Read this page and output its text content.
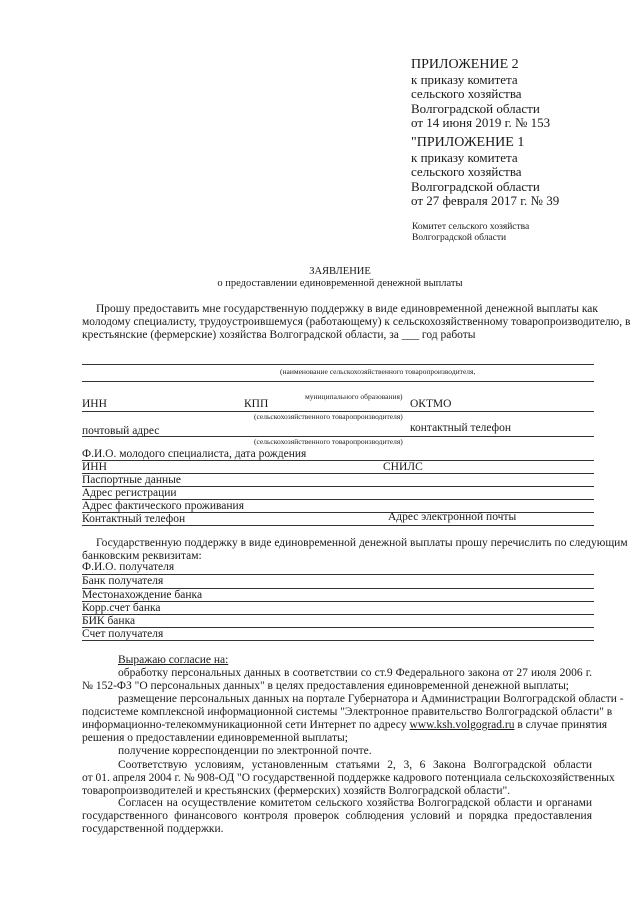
ПРИЛОЖЕНИЕ 2
к приказу комитета
сельского хозяйства
Волгоградской области
от 14 июня 2019 г. № 153
"ПРИЛОЖЕНИЕ 1
к приказу комитета
сельского хозяйства
Волгоградской области
от 27 февраля 2017 г. № 39
Комитет сельского хозяйства
Волгоградской области
ЗАЯВЛЕНИЕ
о предоставлении единовременной денежной выплаты
Прошу предоставить мне государственную поддержку в виде единовременной денежной выплаты как
молодому специалисту, трудоустроившемуся (работающему) к сельскохозяйственному товаропроизводителю, в
крестьянские (фермерские) хозяйства Волгоградской области, за ___ год работы
(наименование сельскохозяйственного товаропроизводителя,
муниципального образования)
ИНН	КПП	ОКТМО
(сельскохозяйственного товаропроизводителя)
почтовый адрес	контактный телефон
(сельскохозяйственного товаропроизводителя)
Ф.И.О. молодого специалиста, дата рождения
ИНН	СНИЛС
Паспортные данные
Адрес регистрации
Адрес фактического проживания
Контактный телефон	Адрес электронной почты
Государственную поддержку в виде единовременной денежной выплаты прошу перечислить по следующим
банковским реквизитам:
Ф.И.О. получателя
Банк получателя
Местонахождение банка
Корр.счет банка
БИК банка
Счет получателя
Выражаю согласие на:
обработку персональных данных в соответствии со ст.9 Федерального закона от 27 июля 2006 г.
№ 152-ФЗ "О персональных данных" в целях предоставления единовременной денежной выплаты;
размещение персональных данных на портале Губернатора и Администрации Волгоградской области -
подсистеме комплексной информационной системы "Электронное правительство Волгоградской области" в
информационно-телекоммуникационной сети Интернет по адресу www.ksh.volgograd.ru в случае принятия
решения о предоставлении единовременной выплаты;
получение корреспонденции по электронной почте.
Соответствую условиям, установленным статьями 2, 3, 6 Закона Волгоградской области
от 01. апреля 2004 г. № 908-ОД "О государственной поддержке кадрового потенциала сельскохозяйственных
товаропроизводителей и крестьянских (фермерских) хозяйств Волгоградской области".
Согласен на осуществление комитетом сельского хозяйства Волгоградской области и органами
государственного финансового контроля проверок соблюдения условий и порядка предоставления
государственной поддержки.
